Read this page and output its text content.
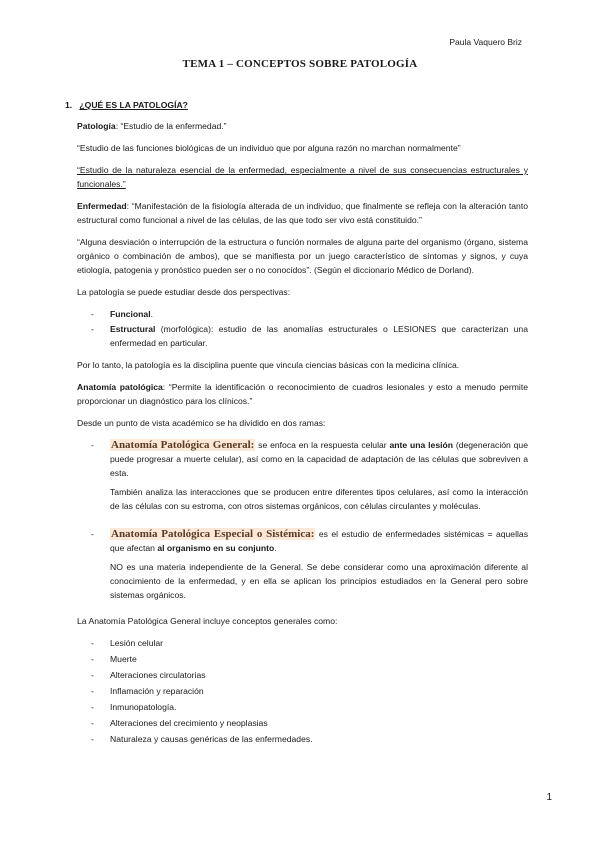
Paula Vaquero Briz
TEMA 1 – CONCEPTOS SOBRE PATOLOGÍA
1. ¿QUÉ ES LA PATOLOGÍA?

Patología: “Estudio de la enfermedad.”

“Estudio de las funciones biológicas de un individuo que por alguna razón no marchan normalmente”

“Estudio de la naturaleza esencial de la enfermedad, especialmente a nivel de sus consecuencias estructurales y funcionales.”

Enfermedad: “Manifestación de la fisiología alterada de un individuo, que finalmente se refleja con la alteración tanto estructural como funcional a nivel de las células, de las que todo ser vivo está constituido.”

“Alguna desviación o interrupción de la estructura o función normales de alguna parte del organismo (órgano, sistema orgánico o combinación de ambos), que se manifiesta por un juego característico de síntomas y signos, y cuya etiología, patogenia y pronóstico pueden ser o no conocidos”. (Según el diccionario Médico de Dorland).

La patología se puede estudiar desde dos perspectivas:

-	Funcional.
-	Estructural (morfológica): estudio de las anomalías estructurales o LESIONES que caracterizan una enfermedad en particular.

Por lo tanto, la patología es la disciplina puente que vincula ciencias básicas con la medicina clínica.

Anatomía patológica: “Permite la identificación o reconocimiento de cuadros lesionales y esto a menudo permite proporcionar un diagnóstico para los clínicos.”

Desde un punto de vista académico se ha dividido en dos ramas:

-	Anatomía Patológica General: se enfoca en la respuesta celular ante una lesión (degeneración que puede progresar a muerte celular), así como en la capacidad de adaptación de las células que sobreviven a esta.
También analiza las interacciones que se producen entre diferentes tipos celulares, así como la interacción de las células con su estroma, con otros sistemas orgánicos, con células circulantes y moléculas.
-	Anatomía Patológica Especial o Sistémica: es el estudio de enfermedades sistémicas = aquellas que afectan al organismo en su conjunto.
NO es una materia independiente de la General. Se debe considerar como una aproximación diferente al conocimiento de la enfermedad, y en ella se aplican los principios estudiados en la General pero sobre sistemas orgánicos.

La Anatomía Patológica General incluye conceptos generales como:

-	Lesión celular
-	Muerte
-	Alteraciones circulatorias
-	Inflamación y reparación
-	Inmunopatología.
-	Alteraciones del crecimiento y neoplasias
-	Naturaleza y causas genéricas de las enfermedades.
1
